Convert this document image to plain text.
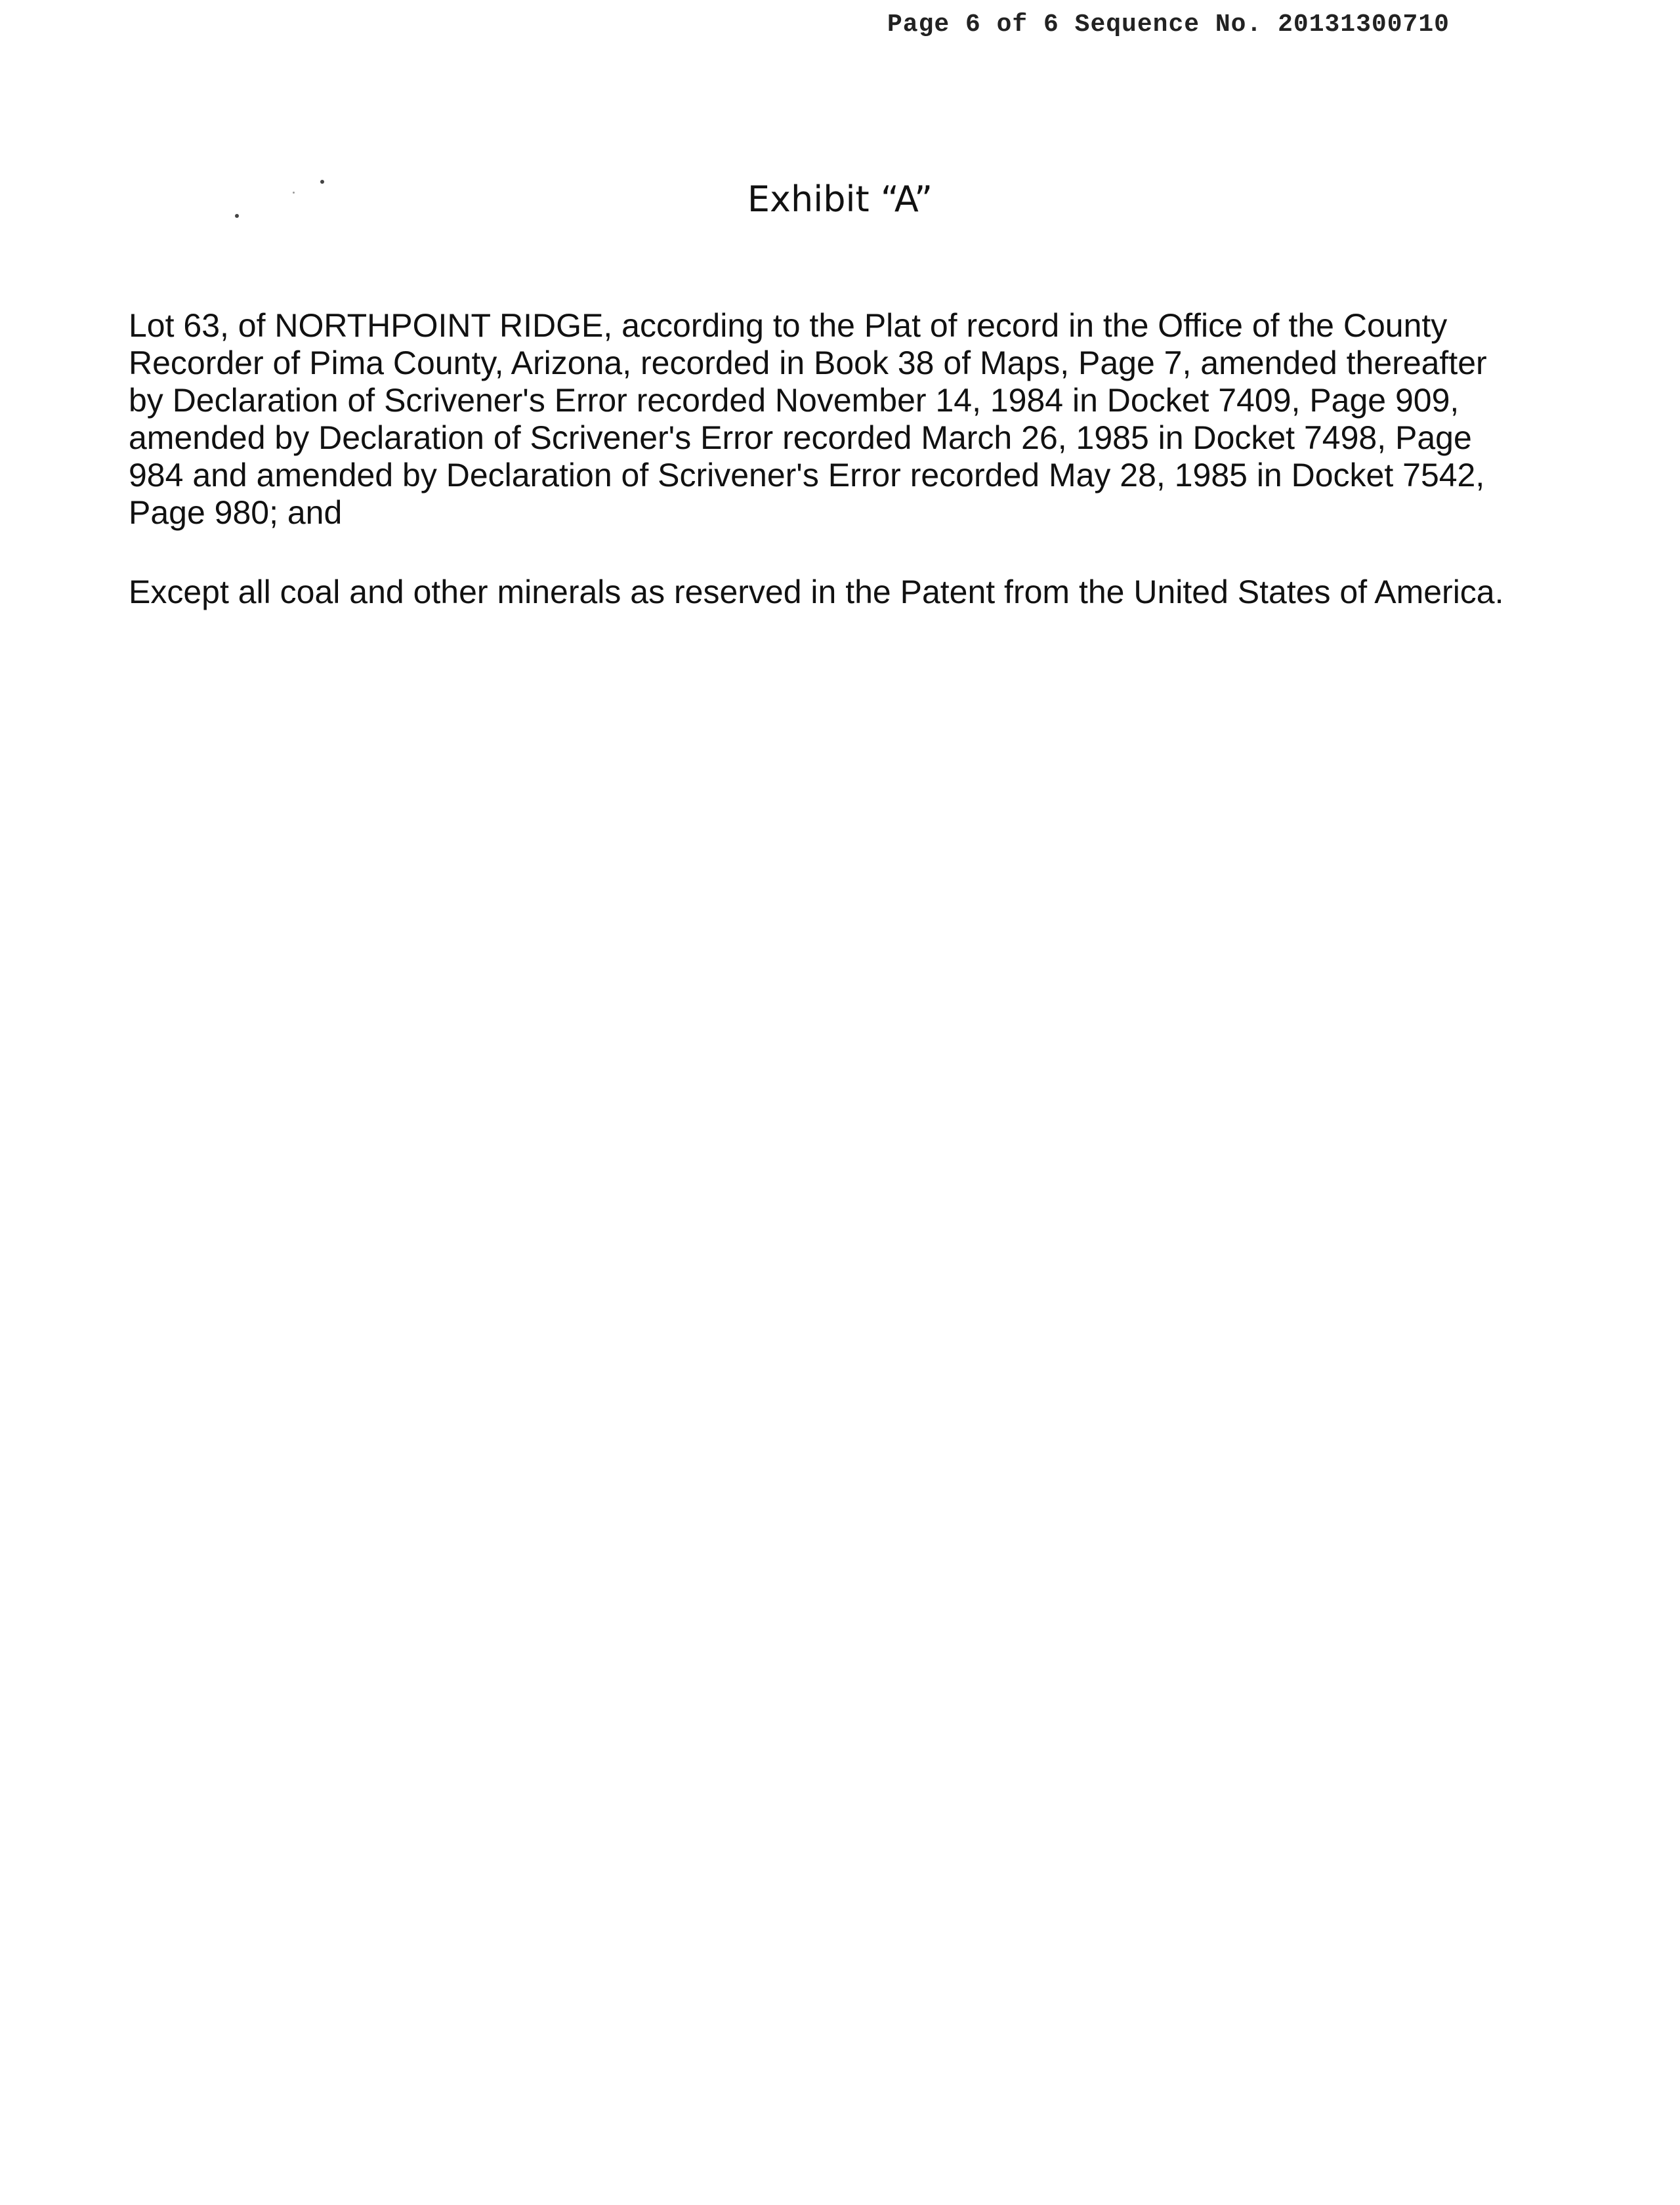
Page 6 of 6 Sequence No. 20131300710
Exhibit “A”
Lot 63, of NORTHPOINT RIDGE, according to the Plat of record in the Office of the County Recorder of Pima County, Arizona, recorded in Book 38 of Maps, Page 7, amended thereafter by Declaration of Scrivener's Error recorded November 14, 1984 in Docket 7409, Page 909, amended by Declaration of Scrivener's Error recorded March 26, 1985 in Docket 7498, Page 984 and amended by Declaration of Scrivener's Error recorded May 28, 1985 in Docket 7542, Page 980; and
Except all coal and other minerals as reserved in the Patent from the United States of America.
